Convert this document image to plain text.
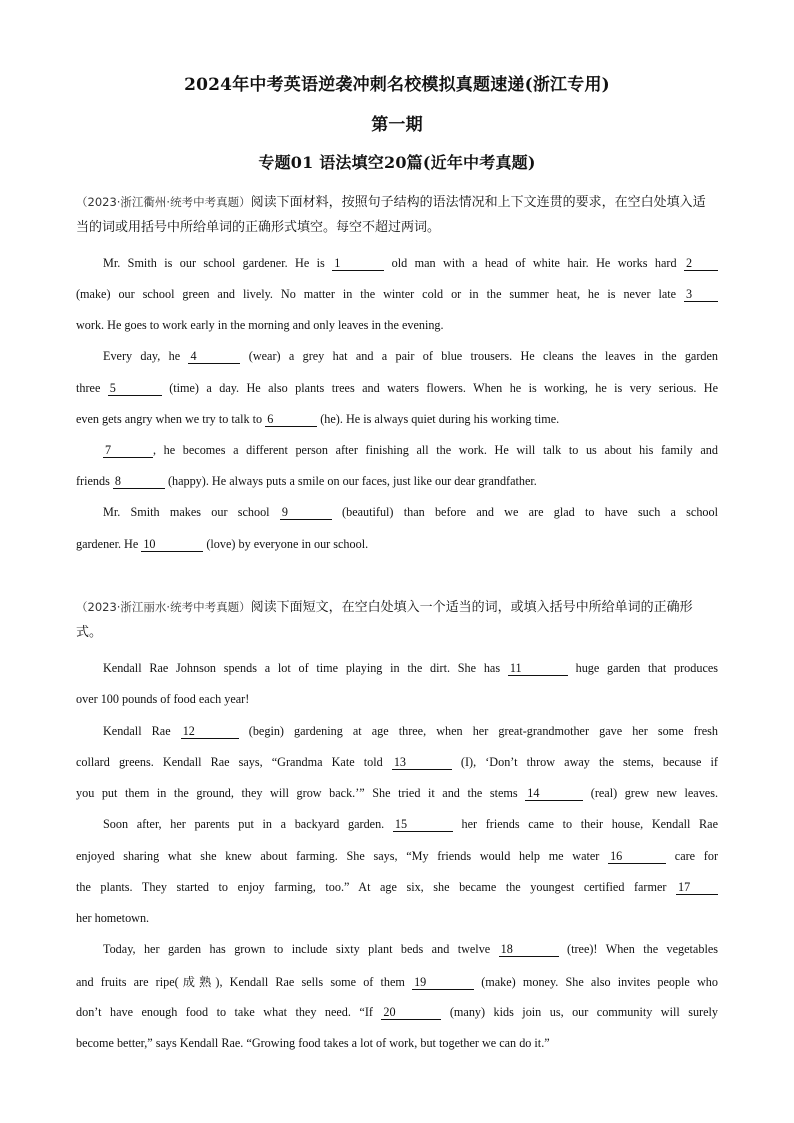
2024年中考英语逆袭冲刺名校模拟真题速递(浙江专用)
第一期
专题01 语法填空20篇(近年中考真题)
（2023·浙江衢州·统考中考真题）阅读下面材料，按照句子结构的语法情况和上下文连贯的要求，在空白处填入适当的词或用括号中所给单词的正确形式填空。每空不超过两词。
Mr. Smith is our school gardener. He is 1	old man with a head of white hair. He works hard 2
(make) our school green and lively. No matter in the winter cold or in the summer heat, he is never late 3
work. He goes to work early in the morning and only leaves in the evening.
Every day, he 4	(wear) a grey hat and a pair of blue trousers. He cleans the leaves in the garden
three 5	(time) a day. He also plants trees and waters flowers. When he is working, he is very serious. He
even gets angry when we try to talk to 6	(he). He is always quiet during his working time.
7	, he becomes a different person after finishing all the work. He will talk to us about his family and
friends 8	(happy). He always puts a smile on our faces, just like our dear grandfather.
Mr. Smith makes our school 9	(beautiful) than before and we are glad to have such a school
gardener. He 10	(love) by everyone in our school.
（2023·浙江丽水·统考中考真题）阅读下面短文，在空白处填入一个适当的词，或填入括号中所给单词的正确形式。
Kendall Rae Johnson spends a lot of time playing in the dirt. She has 11	huge garden that produces
over 100 pounds of food each year!
Kendall Rae 12	(begin) gardening at age three, when her great-grandmother gave her some fresh
collard greens. Kendall Rae says, “Grandma Kate told 13	(I), ‘Don’t throw away the stems, because if
you put them in the ground, they will grow back.’” She tried it and the stems 14	(real) grew new leaves.
Soon after, her parents put in a backyard garden. 15	her friends came to their house, Kendall Rae
enjoyed sharing what she knew about farming. She says, “My friends would help me water 16	care for
the plants. They started to enjoy farming, too.” At age six, she became the youngest certified farmer 17
her hometown.
Today, her garden has grown to include sixty plant beds and twelve 18	(tree)! When the vegetables
and fruits are ripe(成熟), Kendall Rae sells some of them 19	(make) money. She also invites people who
don’t have enough food to take what they need. “If 20	(many) kids join us, our community will surely
become better,” says Kendall Rae. “Growing food takes a lot of work, but together we can do it.”
